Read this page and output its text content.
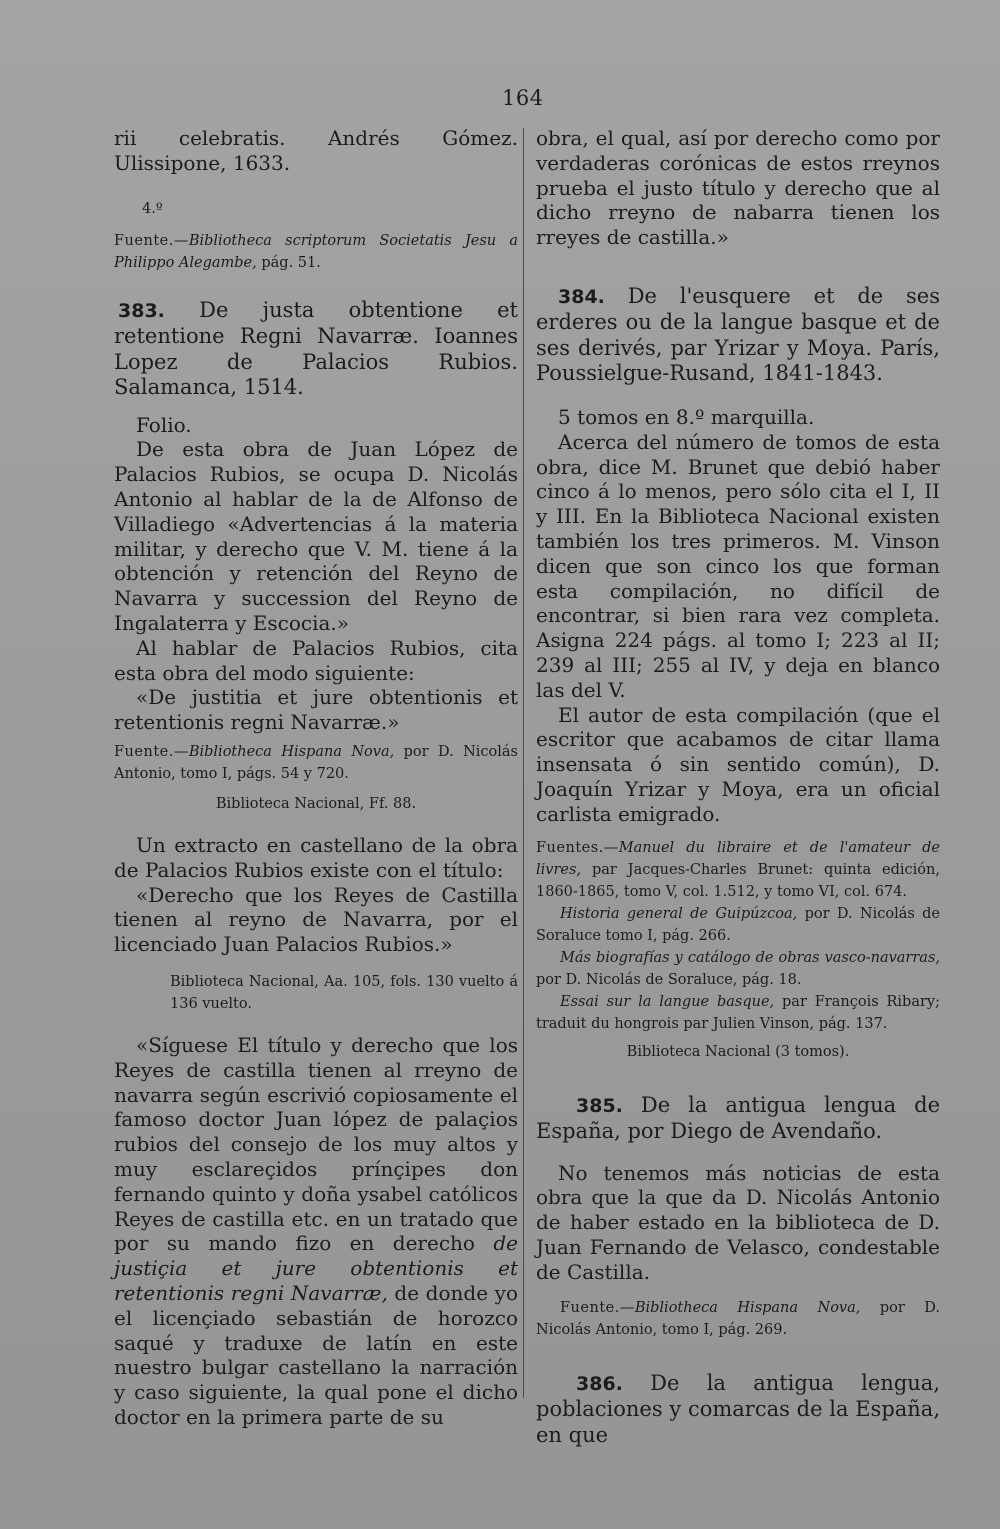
164

rii celebratis. Andrés Gómez. Ulissipone, 1633.

4.º

Fuente.—Bibliotheca scriptorum Societatis Jesu a Philippo Alegambe, pág. 51.

383. De justa obtentione et retentione Regni Navarræ. Ioannes Lopez de Palacios Rubios. Salamanca, 1514.

Folio.

De esta obra de Juan López de Palacios Rubios, se ocupa D. Nicolás Antonio al hablar de la de Alfonso de Villadiego «Advertencias á la materia militar, y derecho que V. M. tiene á la obtención y retención del Reyno de Navarra y succession del Reyno de Ingalaterra y Escocia.»

Al hablar de Palacios Rubios, cita esta obra del modo siguiente:

«De justitia et jure obtentionis et retentionis regni Navarræ.»

Fuente.—Bibliotheca Hispana Nova, por D. Nicolás Antonio, tomo I, págs. 54 y 720.

Biblioteca Nacional, Ff. 88.

Un extracto en castellano de la obra de Palacios Rubios existe con el título:

«Derecho que los Reyes de Castilla tienen al reyno de Navarra, por el licenciado Juan Palacios Rubios.»

Biblioteca Nacional, Aa. 105, fols. 130 vuelto á 136 vuelto.

«Síguese El título y derecho que los Reyes de castilla tienen al rreyno de navarra según escrivió copiosamente el famoso doctor Juan lópez de palaçios rubios del consejo de los muy altos y muy esclareçidos prínçipes don fernando quinto y doña ysabel católicos Reyes de castilla etc. en un tratado que por su mando fizo en derecho de justiçia et jure obtentionis et retentionis regni Navarræ, de donde yo el licençiado sebastián de horozco saqué y traduxe de latín en este nuestro bulgar castellano la narración y caso siguiente, la qual pone el dicho doctor en la primera parte de su

obra, el qual, así por derecho como por verdaderas corónicas de estos rreynos prueba el justo título y derecho que al dicho rreyno de nabarra tienen los rreyes de castilla.»

384. De l'eusquere et de ses erderes ou de la langue basque et de ses derivés, par Yrizar y Moya. París, Poussielgue-Rusand, 1841-1843.

5 tomos en 8.º marquilla.

Acerca del número de tomos de esta obra, dice M. Brunet que debió haber cinco á lo menos, pero sólo cita el I, II y III. En la Biblioteca Nacional existen también los tres primeros. M. Vinson dicen que son cinco los que forman esta compilación, no difícil de encontrar, si bien rara vez completa. Asigna 224 págs. al tomo I; 223 al II; 239 al III; 255 al IV, y deja en blanco las del V.

El autor de esta compilación (que el escritor que acabamos de citar llama insensata ó sin sentido común), D. Joaquín Yrizar y Moya, era un oficial carlista emigrado.

Fuentes.—Manuel du libraire et de l'amateur de livres, par Jacques-Charles Brunet: quinta edición, 1860-1865, tomo V, col. 1.512, y tomo VI, col. 674.

Historia general de Guipúzcoa, por D. Nicolás de Soraluce tomo I, pág. 266.

Más biografías y catálogo de obras vasco-navarras, por D. Nicolás de Soraluce, pág. 18.

Essai sur la langue basque, par François Ribary; traduit du hongrois par Julien Vinson, pág. 137.

Biblioteca Nacional (3 tomos).

385. De la antigua lengua de España, por Diego de Avendaño.

No tenemos más noticias de esta obra que la que da D. Nicolás Antonio de haber estado en la biblioteca de D. Juan Fernando de Velasco, condestable de Castilla.

Fuente.—Bibliotheca Hispana Nova, por D. Nicolás Antonio, tomo I, pág. 269.

386. De la antigua lengua, poblaciones y comarcas de la España, en que
